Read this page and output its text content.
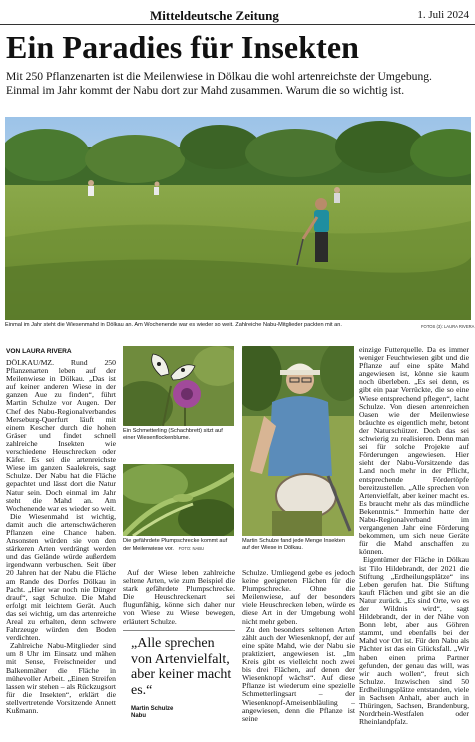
Mitteldeutsche Zeitung	1. Juli 2024
Ein Paradies für Insekten
Mit 250 Pflanzenarten ist die Meilenwiese in Dölkau die wohl artenreichste der Umgebung. Einmal im Jahr kommt der Nabu dort zur Mahd zusammen. Warum die so wichtig ist.
Einmal im Jahr steht die Wiesenmahd in Dölkau an. Am Wochenende war es wieder so weit. Zahlreiche Nabu-Mitglieder packten mit an.	FOTOS (3): LAURA RIVERA
VON LAURA RIVERA

DÖLKAU/MZ. Rund 250 Pflanzenarten leben auf der Meilenwiese in Dölkau. „Das ist auf keiner anderen Wiese in der ganzen Aue zu finden“, führt Martin Schulze vor Augen. Der Chef des Nabu-Regionalverbandes Merseburg-Querfurt läuft mit einem Kescher durch die hohen Gräser und findet schnell zahlreiche Insekten wie verschiedene Heuschrecken oder Käfer. Es sei die artenreichste Wiese im ganzen Saalekreis, sagt Schulze. Der Nabu hat die Fläche gepachtet und lässt dort die Natur Natur sein. Doch einmal im Jahr steht die Mahd an. Am Wochenende war es wieder so weit.

Die Wiesenmahd ist wichtig, damit auch die artenschwächeren Pflanzen eine Chance haben. Ansonsten würden sie von den stärkeren Arten verdrängt werden und das Gelände würde außerdem irgendwann verbuschen. Seit über 20 Jahren hat der Nabu die Fläche am Rande des Dorfes Dölkau in Pacht. „Hier war noch nie Dünger drauf“, sagt Schulze. Die Mahd erfolgt mit leichtem Gerät. Auch das sei wichtig, um das artenreiche Areal zu erhalten, denn schwere Fahrzeuge würden den Boden verdichten.

Zahlreiche Nabu-Mitglieder sind um 8 Uhr im Einsatz und mähen mit Sense, Freischneider und Balkenmäher die Fläche in mühevoller Arbeit. „Einen Streifen lassen wir stehen – als Rückzugsort für die Insekten“, erklärt die stellvertretende Vorsitzende Annett Kußmann.

Ein Schmetterling (Schachbrett) sitzt auf einer Wiesenflockenblume.
Die gefährdete Plumpschrecke kommt auf der Meilenwiese vor. FOTO: NABU

Auf der Wiese leben zahlreiche seltene Arten, wie zum Beispiel die stark gefährdete Plumpschrecke. Die Heuschreckenart sei flugunfähig, könne sich daher nur von Wiese zu Wiese bewegen, erläutert Schulze.

„Alle sprechen von Artenvielfalt, aber keiner macht es.“
Martin Schulze
Nabu
Martin Schulze fand jede Menge Insekten auf der Wiese in Dölkau.

Schulze. Umliegend gebe es jedoch keine geeigneten Flächen für die Plumpschrecke. Ohne die Meilenwiese, auf der besonders viele Heuschrecken leben, würde es diese Art in der Umgebung wohl nicht mehr geben.

Zu den besonders seltenen Arten zählt auch der Wiesenknopf, der auf eine späte Mahd, wie der Nabu sie praktiziert, angewiesen ist. „Im Kreis gibt es vielleicht noch zwei bis drei Flächen, auf denen der Wiesenknopf wächst“. Auf diese Pflanze ist wiederum eine spezielle Schmetterlingsart – der Wiesenknopf-Ameisenbläuling – angewiesen, denn die Pflanze ist seine

einzige Futterquelle. Da es immer weniger Feuchtwiesen gibt und die Pflanze auf eine späte Mahd angewiesen ist, könne sie kaum noch überleben. „Es sei denn, es gibt ein paar Verrückte, die so eine Wiese entsprechend pflegen“, lacht Schulze. Von diesen artenreichen Oasen wie der Meilenwiese bräuchte es eigentlich mehr, betont der Naturschützer. Doch das sei schwierig zu realisieren. Denn man sei für solche Projekte auf Förderungen angewiesen. Hier sieht der Nabu-Vorsitzende das Land noch mehr in der Pflicht, entsprechende Fördertöpfe bereitzustellen. „Alle sprechen von Artenvielfalt, aber keiner macht es. Es braucht mehr als das mündliche Bekenntnis.“ Immerhin hatte der Nabu-Regionalverband im vergangenen Jahr eine Förderung bekommen, um sich neue Geräte für die Mahd anschaffen zu können.

Eigentümer der Fläche in Dölkau ist Tilo Hildebrandt, der 2021 die Stiftung „Erdheilungsplätze“ ins Leben gerufen hat. Die Stiftung kauft Flächen und gibt sie an die Natur zurück. „Es sind Orte, wo es der Wildnis wird“, sagt Hildebrandt, der in der Nähe von Bonn lebt, aber aus Göhren stammt, und ebenfalls bei der Mahd vor Ort ist. Für den Nabu als Pächter ist das ein Glücksfall. „Wir haben einen prima Partner gefunden, der genau das will, was wir auch wollen“, freut sich Schulze. Inzwischen sind 50 Erdheilungsplätze entstanden, viele in Sachsen Anhalt, aber auch in Thüringen, Sachsen, Brandenburg, Nordrhein-Westfalen oder Rheinlandpfalz.
